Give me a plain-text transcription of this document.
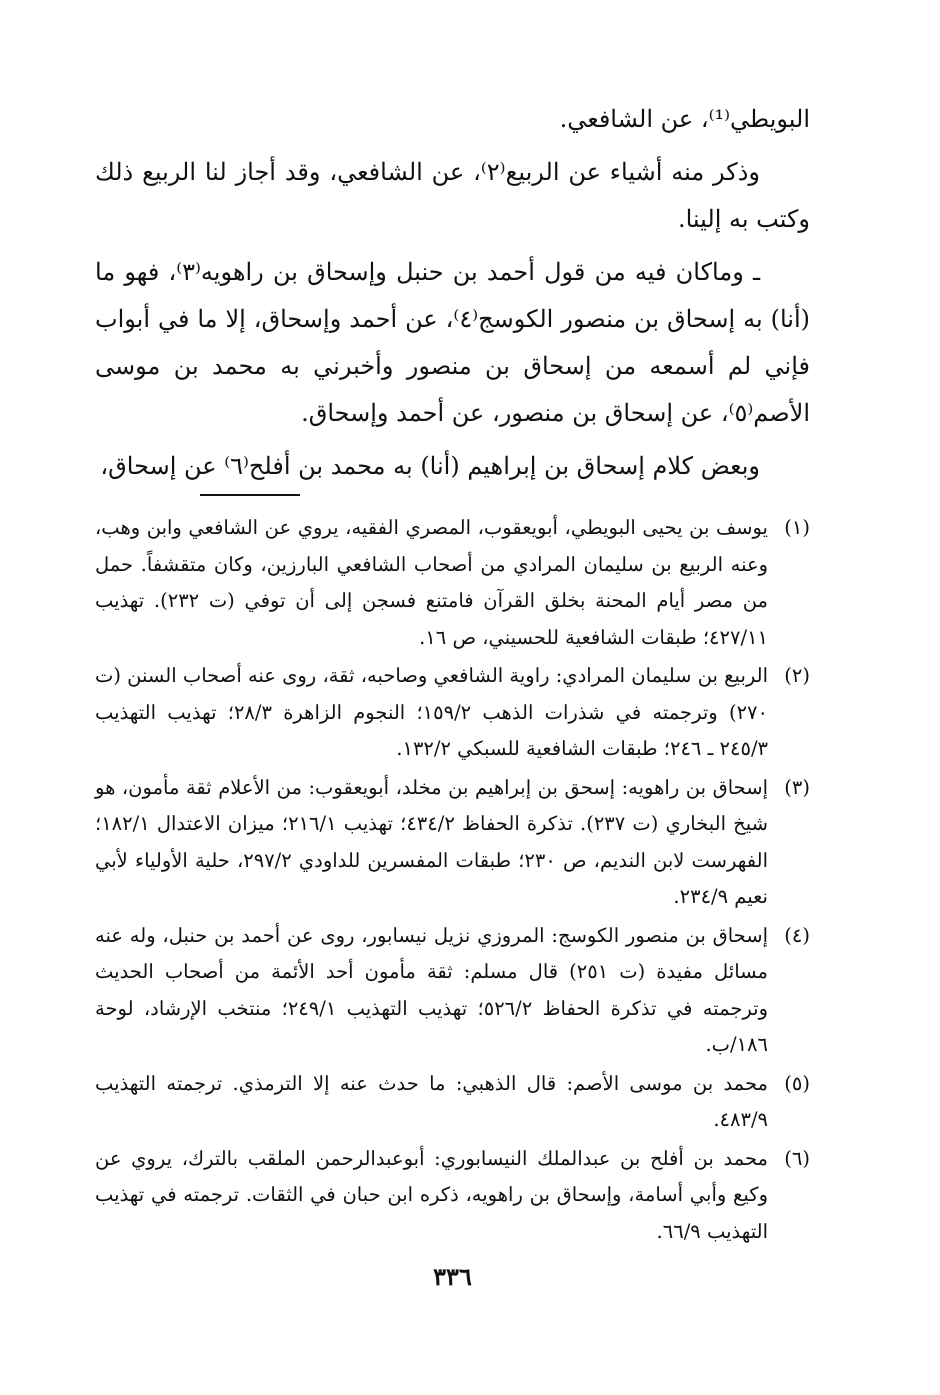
البويطي⁽¹⁾، عن الشافعي.

وذكر منه أشياء عن الربيع⁽٢⁾، عن الشافعي، وقد أجاز لنا الربيع ذلك وكتب به إلينا.

ـ وماكان فيه من قول أحمد بن حنبل وإسحاق بن راهويه⁽٣⁾، فهو ما (أنا) به إسحاق بن منصور الكوسج⁽٤⁾، عن أحمد وإسحاق، إلا ما في أبواب فإني لم أسمعه من إسحاق بن منصور وأخبرني به محمد بن موسى الأصم⁽٥⁾، عن إسحاق بن منصور، عن أحمد وإسحاق.

وبعض كلام إسحاق بن إبراهيم (أنا) به محمد بن أفلح⁽٦⁾ عن إسحاق،

(١)
يوسف بن يحيى البويطي، أبويعقوب، المصري الفقيه، يروي عن الشافعي وابن وهب، وعنه الربيع بن سليمان المرادي من أصحاب الشافعي البارزين، وكان متقشفاً. حمل من مصر أيام المحنة بخلق القرآن فامتنع فسجن إلى أن توفي (ت ٢٣٢). تهذيب ٤٢٧/١١؛ طبقات الشافعية للحسيني، ص ١٦.
(٢)
الربيع بن سليمان المرادي: راوية الشافعي وصاحبه، ثقة، روى عنه أصحاب السنن (ت ٢٧٠) وترجمته في شذرات الذهب ١٥٩/٢؛ النجوم الزاهرة ٢٨/٣؛ تهذيب التهذيب ٢٤٥/٣ ـ ٢٤٦؛ طبقات الشافعية للسبكي ١٣٢/٢.
(٣)
إسحاق بن راهويه: إسحق بن إبراهيم بن مخلد، أبويعقوب: من الأعلام ثقة مأمون، هو شيخ البخاري (ت ٢٣٧). تذكرة الحفاظ ٤٣٤/٢؛ تهذيب ٢١٦/١؛ ميزان الاعتدال ١٨٢/١؛ الفهرست لابن النديم، ص ٢٣٠؛ طبقات المفسرين للداودي ٢٩٧/٢، حلية الأولياء لأبي نعيم ٢٣٤/٩.
(٤)
إسحاق بن منصور الكوسج: المروزي نزيل نيسابور، روى عن أحمد بن حنبل، وله عنه مسائل مفيدة (ت ٢٥١) قال مسلم: ثقة مأمون أحد الأئمة من أصحاب الحديث وترجمته في تذكرة الحفاظ ٥٢٦/٢؛ تهذيب التهذيب ٢٤٩/١؛ منتخب الإرشاد، لوحة ١٨٦/ب.
(٥)
محمد بن موسى الأصم: قال الذهبي: ما حدث عنه إلا الترمذي. ترجمته التهذيب ٤٨٣/٩.
(٦)
محمد بن أفلح بن عبدالملك النيسابوري: أبوعبدالرحمن الملقب بالترك، يروي عن وكيع وأبي أسامة، وإسحاق بن راهويه، ذكره ابن حبان في الثقات. ترجمته في تهذيب التهذيب ٦٦/٩.
٣٣٦
